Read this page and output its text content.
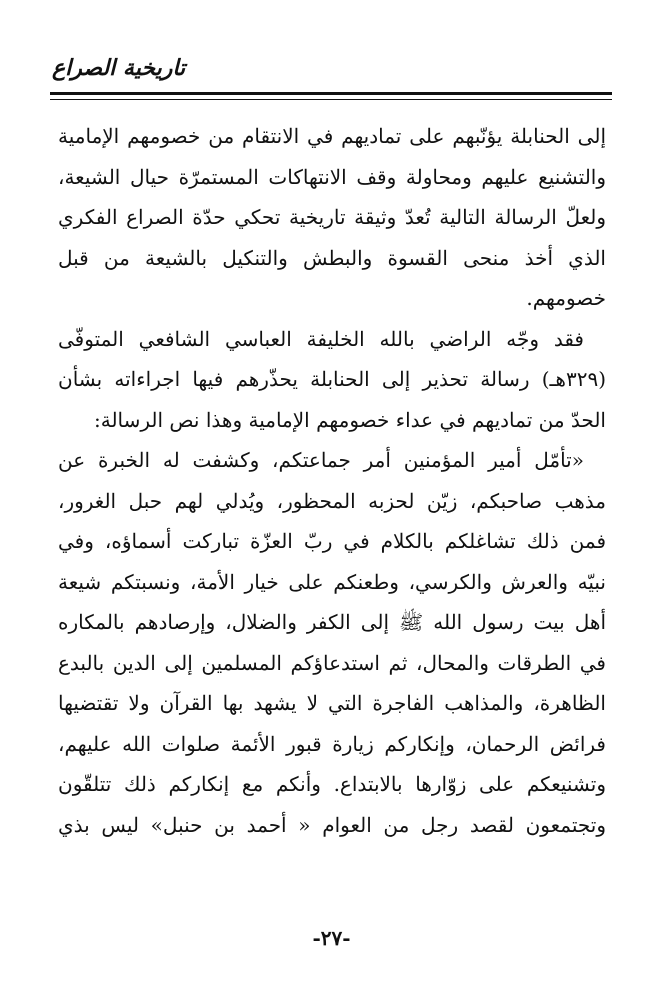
تاريخية الصراع
إلى الحنابلة يؤنّبهم على تماديهم في الانتقام من خصومهم الإمامية
والتشنيع عليهم ومحاولة وقف الانتهاكات المستمرّة حيال الشيعة،
ولعلّ الرسالة التالية تُعدّ وثيقة تاريخية تحكي حدّة الصراع الفكري
الذي أخذ منحى القسوة والبطش والتنكيل بالشيعة من قبل
خصومهم.
فقد وجّه الراضي بالله الخليفة العباسي الشافعي المتوفّى
(٣٢٩هـ) رسالة تحذير إلى الحنابلة يحذّرهم فيها اجراءاته بشأن
الحدّ من تماديهم في عداء خصومهم الإمامية وهذا نص الرسالة:
«تأمّل أمير المؤمنين أمر جماعتكم، وكشفت له الخبرة عن
مذهب صاحبكم، زيّن لحزبه المحظور، ويُدلي لهم حبل الغرور،
فمن ذلك تشاغلكم بالكلام في ربّ العزّة تباركت أسماؤه، وفي
نبيّه والعرش والكرسي، وطعنكم على خيار الأمة، ونسبتكم شيعة
أهل بيت رسول الله ﷺ إلى الكفر والضلال، وإرصادهم بالمكاره
في الطرقات والمحال، ثم استدعاؤكم المسلمين إلى الدين بالبدع
الظاهرة، والمذاهب الفاجرة التي لا يشهد بها القرآن ولا تقتضيها
فرائض الرحمان، وإنكاركم زيارة قبور الأئمة صلوات الله عليهم،
وتشنيعكم على زوّارها بالابتداع. وأنكم مع إنكاركم ذلك تتلقّون
وتجتمعون لقصد رجل من العوام « أحمد بن حنبل» ليس بذي
-٢٧-
